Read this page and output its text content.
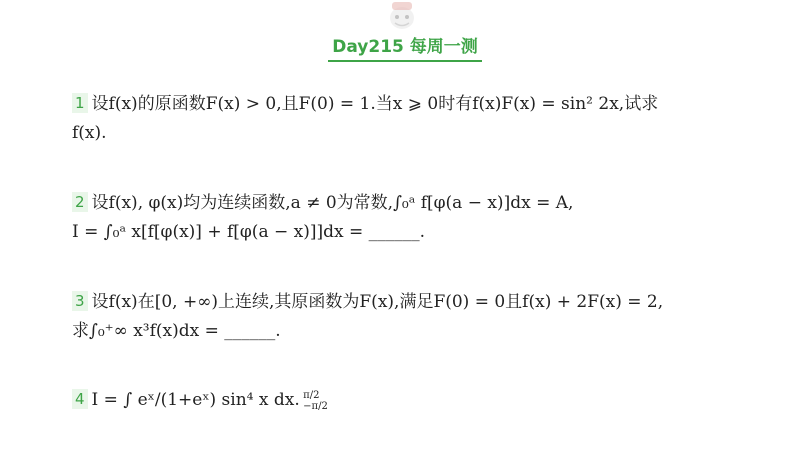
Day215 每周一测
1 设f(x)的原函数F(x) > 0,且F(0) = 1.当x ⩾ 0时有f(x)F(x) = sin² 2x,试求
f(x).
2 设f(x), φ(x)均为连续函数,a ≠ 0为常数,∫₀ᵃ f[φ(a − x)]dx = A,
I = ∫₀ᵃ x[f[φ(x)] + f[φ(a − x)]]dx = ______.
3 设f(x)在[0, +∞)上连续,其原函数为F(x),满足F(0) = 0且f(x) + 2F(x) = 2,
求∫₀⁺∞ x³f(x)dx = ______.
4 I = ∫ eˣ/(1+eˣ) sin⁴ x dx. π/2
−π/2
